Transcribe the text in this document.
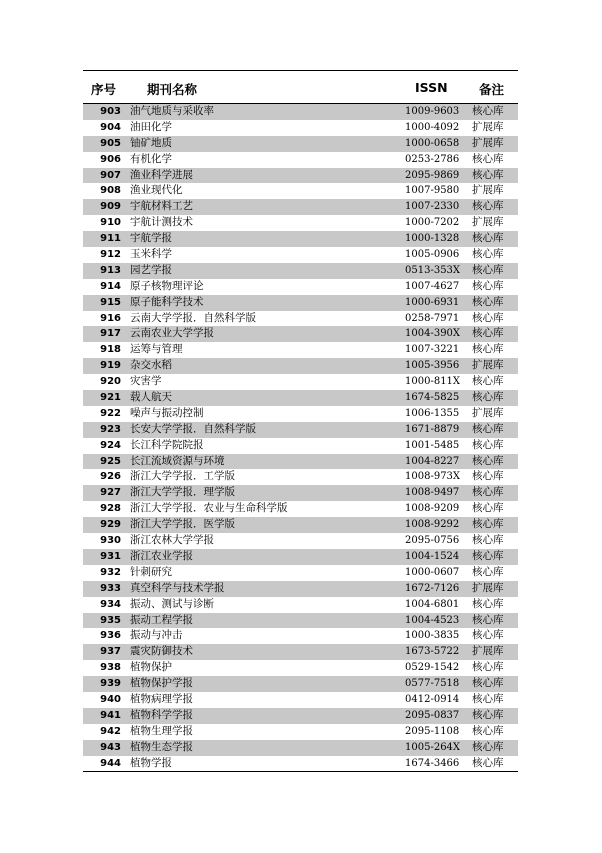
序号 期刊名称	ISSN	备注
903 油气地质与采收率	1009-9603 核心库
904 油田化学	1000-4092 扩展库
905 铀矿地质	1000-0658 扩展库
906 有机化学	0253-2786 核心库
907 渔业科学进展	2095-9869 核心库
908 渔业现代化	1007-9580 扩展库
909 宇航材料工艺	1007-2330 核心库
910 宇航计测技术	1000-7202 扩展库
911 宇航学报	1000-1328 核心库
912 玉米科学	1005-0906 核心库
913 园艺学报	0513-353X 核心库
914 原子核物理评论	1007-4627 核心库
915 原子能科学技术	1000-6931 核心库
916 云南大学学报．自然科学版	0258-7971 核心库
917 云南农业大学学报	1004-390X 核心库
918 运筹与管理	1007-3221 核心库
919 杂交水稻	1005-3956 扩展库
920 灾害学	1000-811X 核心库
921 载人航天	1674-5825 核心库
922 噪声与振动控制	1006-1355 扩展库
923 长安大学学报．自然科学版	1671-8879 核心库
924 长江科学院院报	1001-5485 核心库
925 长江流域资源与环境	1004-8227 核心库
926 浙江大学学报．工学版	1008-973X 核心库
927 浙江大学学报．理学版	1008-9497 核心库
928 浙江大学学报．农业与生命科学版	1008-9209 核心库
929 浙江大学学报．医学版	1008-9292 核心库
930 浙江农林大学学报	2095-0756 核心库
931 浙江农业学报	1004-1524 核心库
932 针刺研究	1000-0607 核心库
933 真空科学与技术学报	1672-7126 扩展库
934 振动、测试与诊断	1004-6801 核心库
935 振动工程学报	1004-4523 核心库
936 振动与冲击	1000-3835 核心库
937 震灾防御技术	1673-5722 扩展库
938 植物保护	0529-1542 核心库
939 植物保护学报	0577-7518 核心库
940 植物病理学报	0412-0914 核心库
941 植物科学学报	2095-0837 核心库
942 植物生理学报	2095-1108 核心库
943 植物生态学报	1005-264X 核心库
944 植物学报	1674-3466 核心库
